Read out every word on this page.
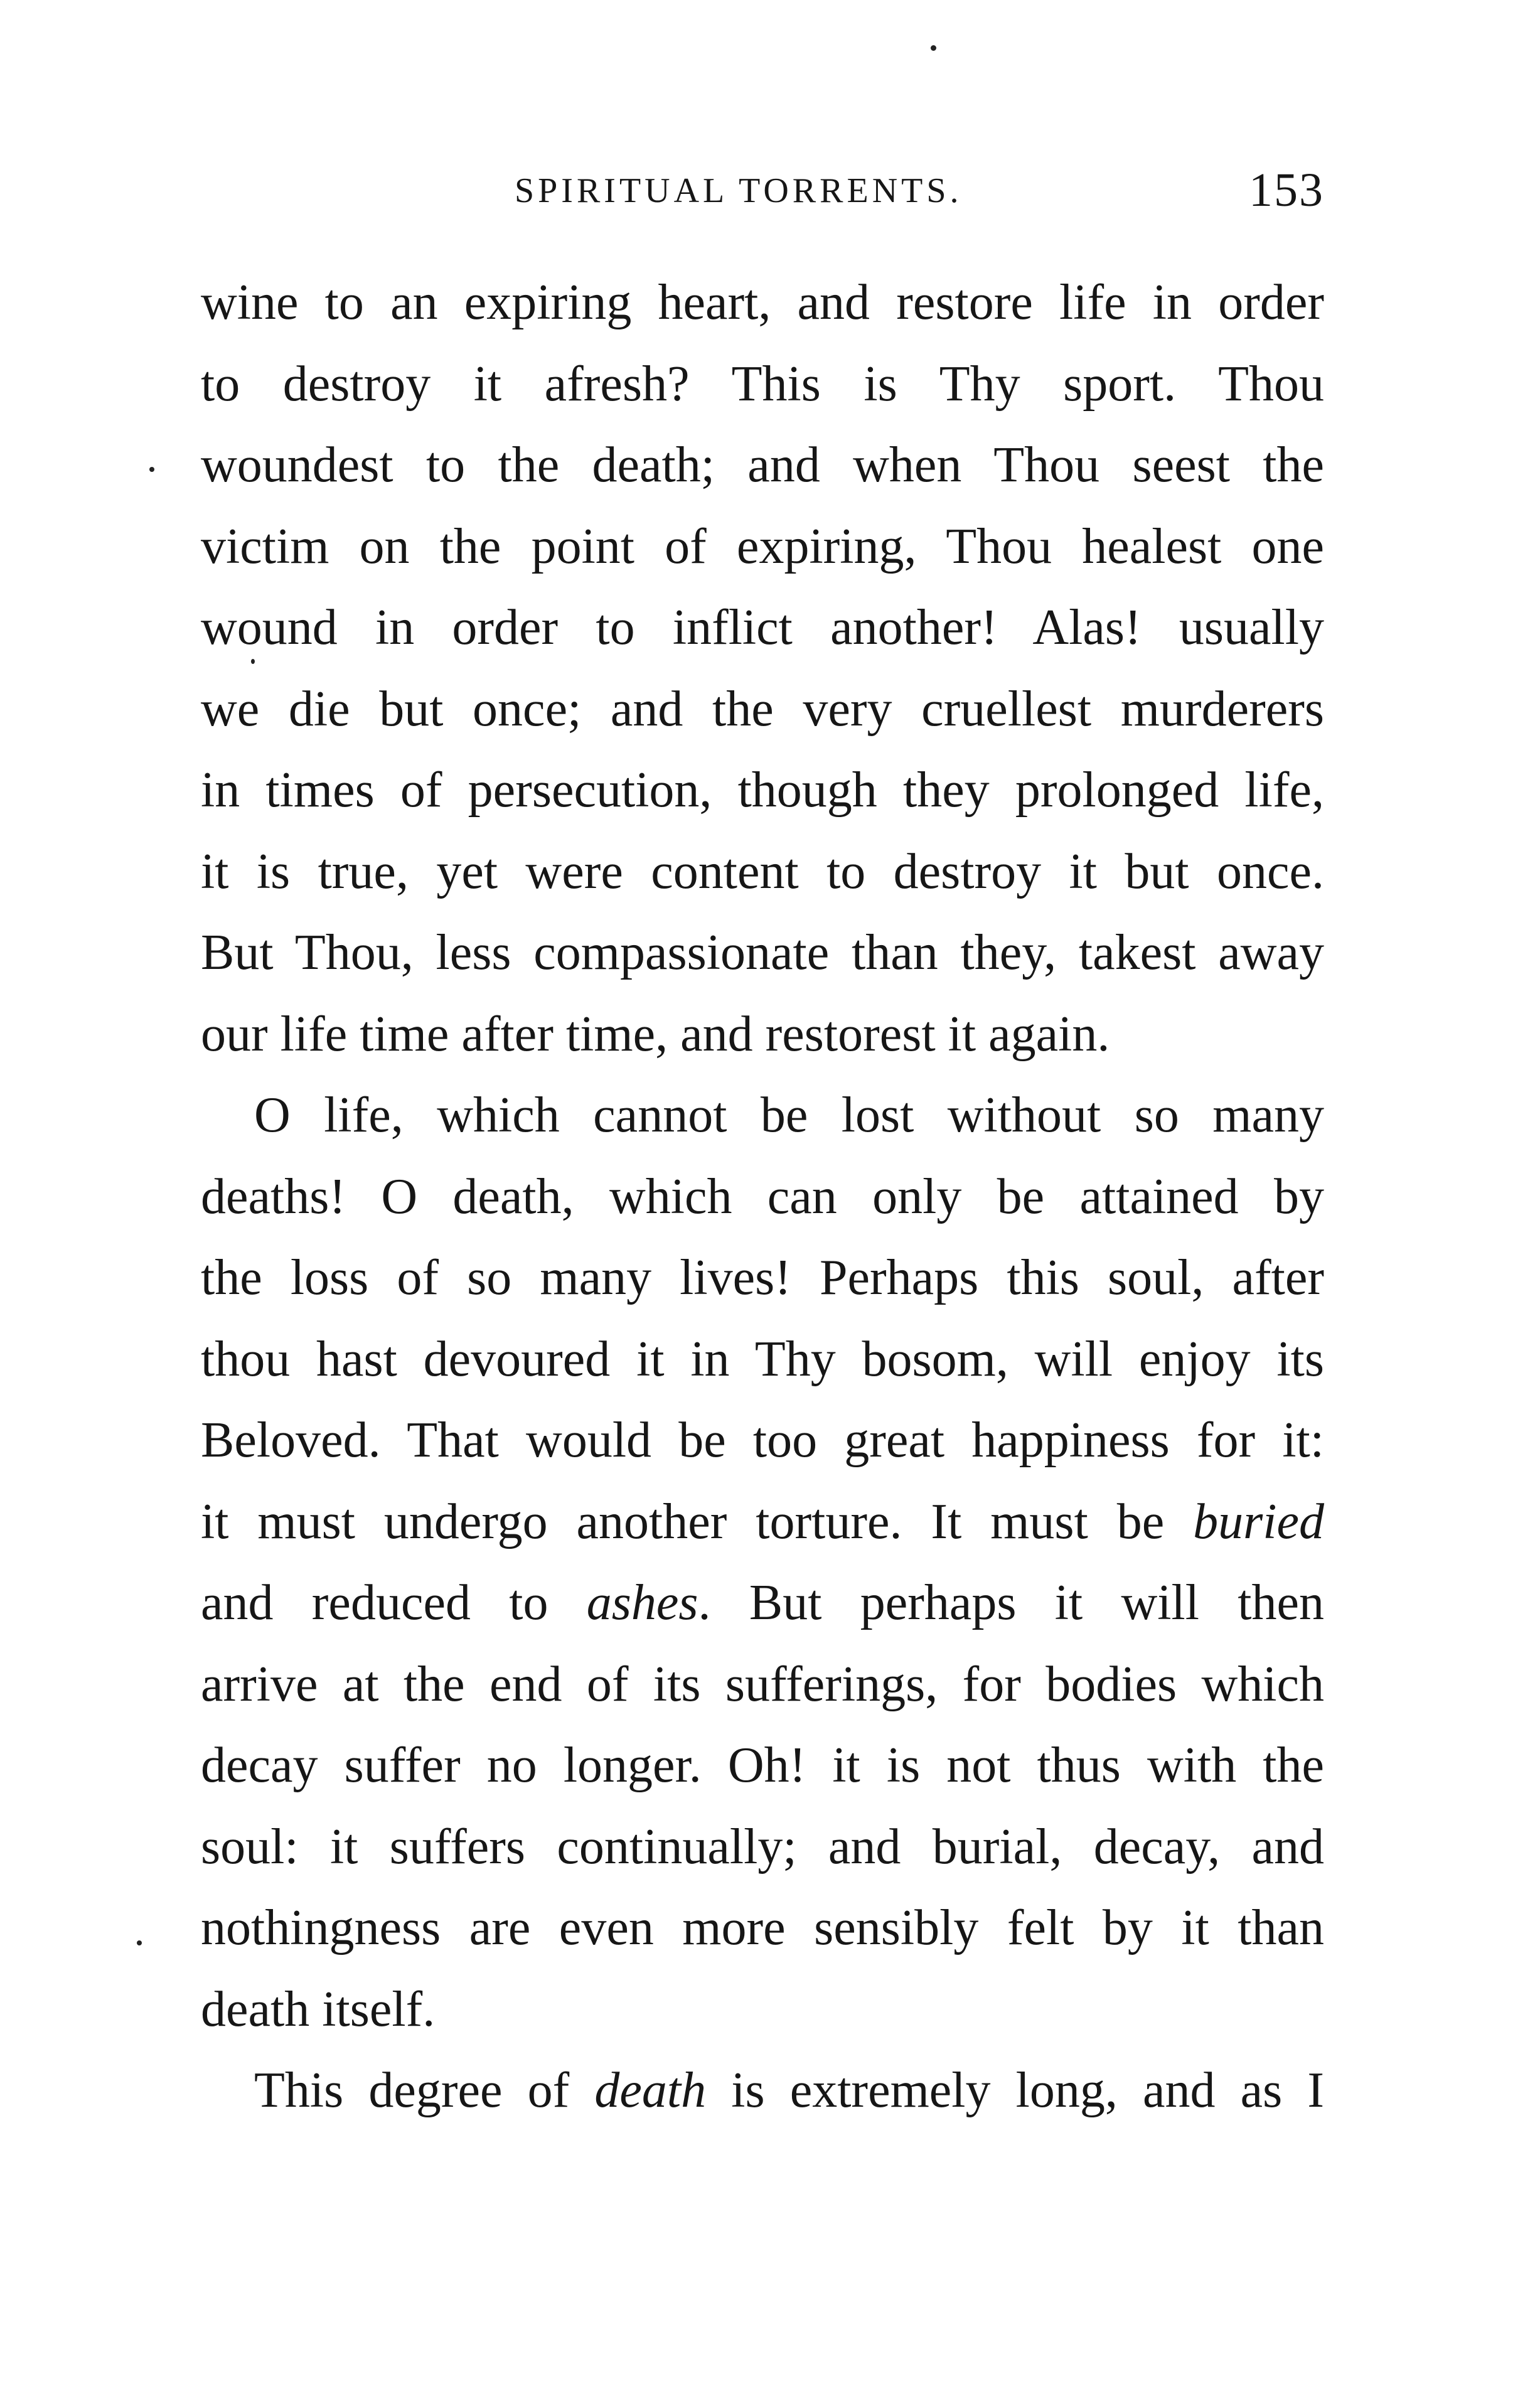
SPIRITUAL TORRENTS.	153
wine to an expiring heart, and restore life in order
to destroy it afresh? This is Thy sport. Thou
woundest to the death; and when Thou seest the
victim on the point of expiring, Thou healest one
wound in order to inflict another! Alas! usually
we die but once; and the very cruellest murderers
in times of persecution, though they prolonged life,
it is true, yet were content to destroy it but once.
But Thou, less compassionate than they, takest away
our life time after time, and restorest it again.
O life, which cannot be lost without so many
deaths! O death, which can only be attained by
the loss of so many lives! Perhaps this soul, after
thou hast devoured it in Thy bosom, will enjoy its
Beloved. That would be too great happiness for it:
it must undergo another torture. It must be buried
and reduced to ashes. But perhaps it will then
arrive at the end of its sufferings, for bodies which
decay suffer no longer. Oh! it is not thus with the
soul: it suffers continually; and burial, decay, and
nothingness are even more sensibly felt by it than
death itself.
This degree of death is extremely long, and as I
